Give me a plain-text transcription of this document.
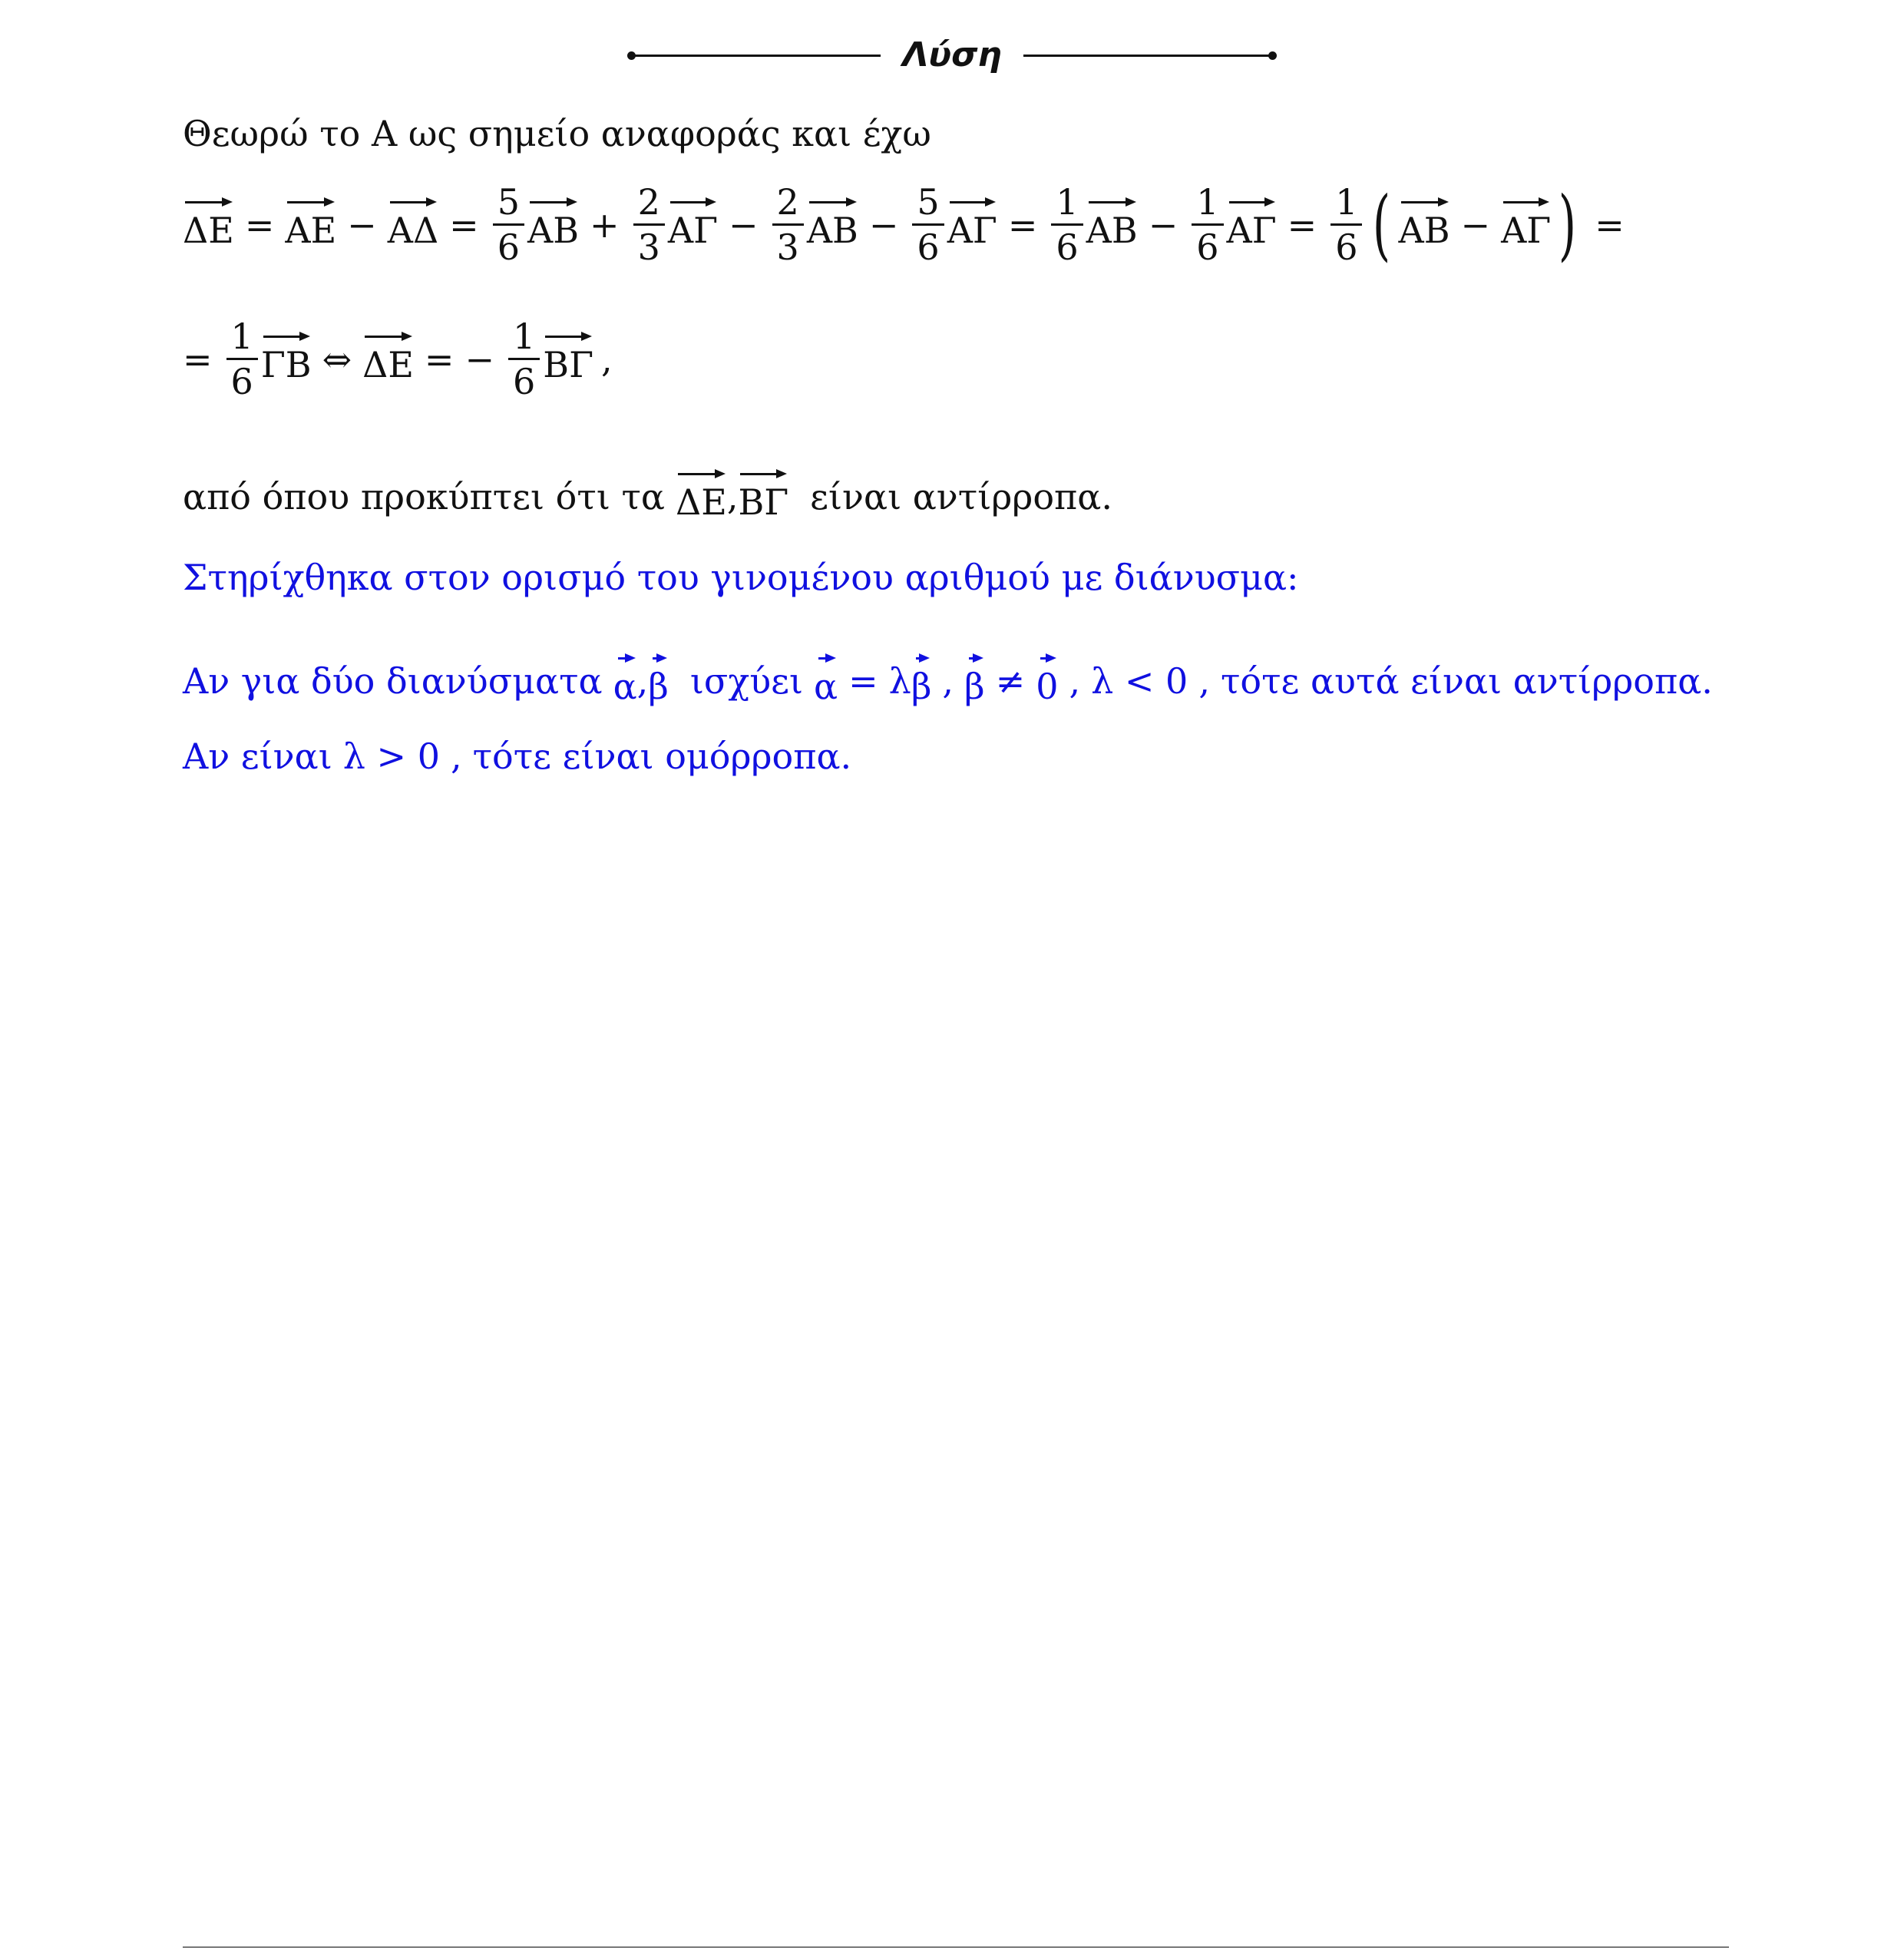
Λύση
Θεωρώ το Α ως σημείο αναφοράς και έχω
$\Delta E = AE - A\Delta = \frac{5}{6}$ $AB + \frac{2}{3}$ $A\Gamma - \frac{2}{3}$ $AB - \frac{5}{6}$ $A\Gamma = \frac{1}{6}$ $AB - \frac{1}{6}$ $A\Gamma = \frac{1}{6}$ ( ΑΒ − ΑΓ ) =
= $\frac{1}{6}$ ΓΒ ⇔ ΔΕ = − $\frac{1}{6}$ ΒΓ ,
από όπου προκύπτει ότι τα ΔΕ , ΒΓ είναι αντίρροπα.
Στηρίχθηκα στον ορισμό του γινομένου αριθμού με διάνυσμα:
Αν για δύο διανύσματα α , β ισχύει α = λ β , β ≠ 0 , λ < 0 , τότε αυτά είναι αντίρροπα.
Αν είναι λ > 0 , τότε είναι ομόρροπα.
